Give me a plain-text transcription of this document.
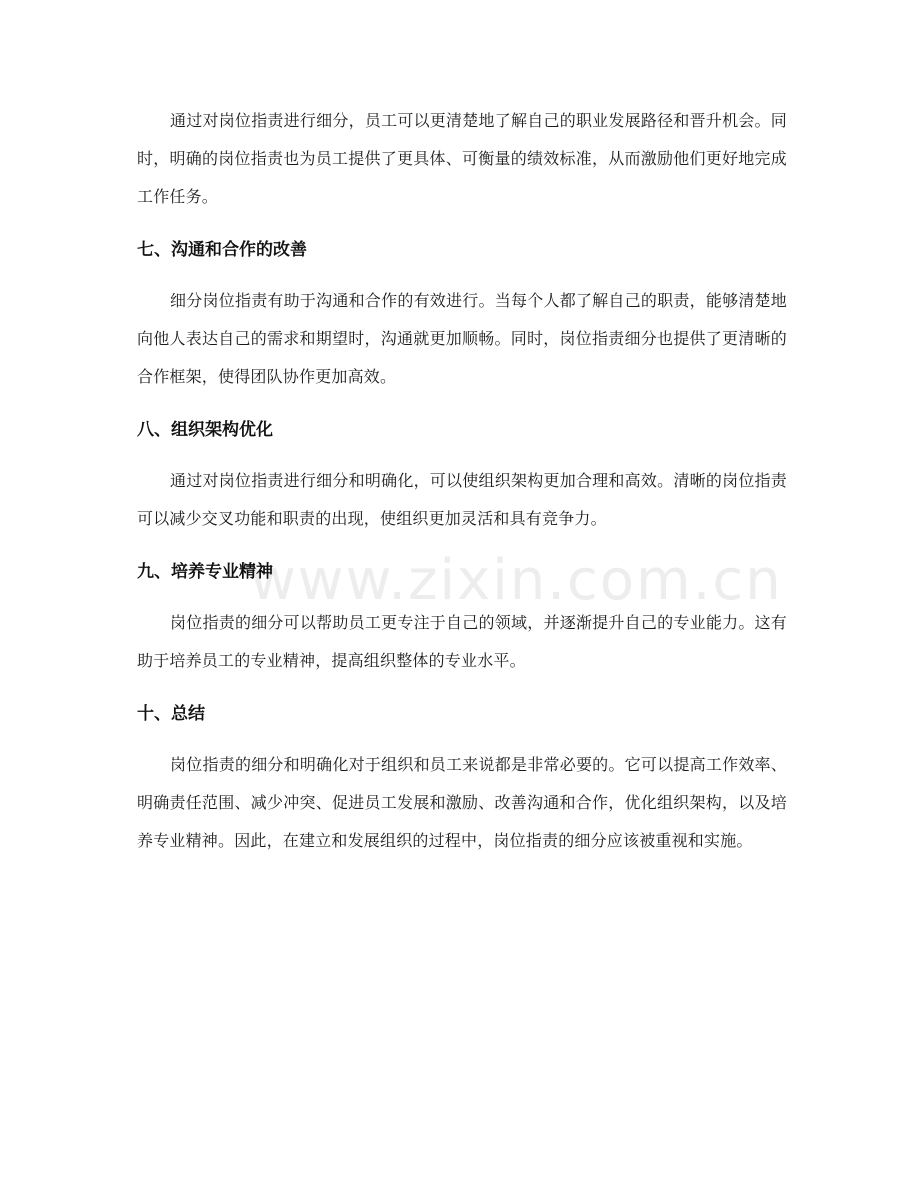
www.zixin.com.cn

通过对岗位指责进行细分，员工可以更清楚地了解自己的职业发展路径和晋升机会。同时，明确的岗位指责也为员工提供了更具体、可衡量的绩效标准，从而激励他们更好地完成工作任务。

七、沟通和合作的改善

细分岗位指责有助于沟通和合作的有效进行。当每个人都了解自己的职责，能够清楚地向他人表达自己的需求和期望时，沟通就更加顺畅。同时，岗位指责细分也提供了更清晰的合作框架，使得团队协作更加高效。

八、组织架构优化

通过对岗位指责进行细分和明确化，可以使组织架构更加合理和高效。清晰的岗位指责可以减少交叉功能和职责的出现，使组织更加灵活和具有竞争力。

九、培养专业精神

岗位指责的细分可以帮助员工更专注于自己的领域，并逐渐提升自己的专业能力。这有助于培养员工的专业精神，提高组织整体的专业水平。

十、总结

岗位指责的细分和明确化对于组织和员工来说都是非常必要的。它可以提高工作效率、明确责任范围、减少冲突、促进员工发展和激励、改善沟通和合作，优化组织架构，以及培养专业精神。因此，在建立和发展组织的过程中，岗位指责的细分应该被重视和实施。
